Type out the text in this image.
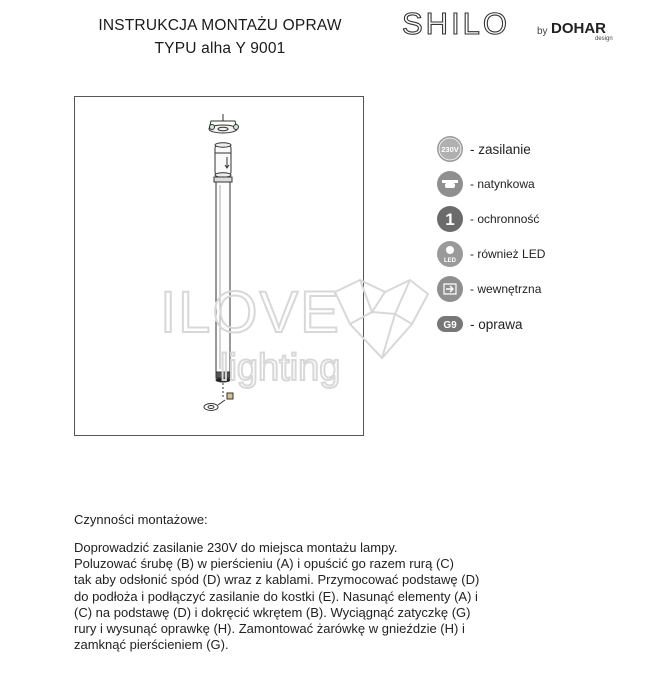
INSTRUKCJA MONTAŻU OPRAW
TYPU alha Y 9001
SHILO	by DOHAR
design
ILOVE
lighting
230V - zasilanie
- natynkowa
1 - ochronność
LED - również LED
- wewnętrzna
G9 - oprawa
Czynności montażowe:
Doprowadzić zasilanie 230V do miejsca montażu lampy.
Poluzować śrubę (B) w pierścieniu (A) i opuścić go razem rurą (C)
tak aby odsłonić spód (D) wraz z kablami. Przymocować podstawę (D)
do podłoża i podłączyć zasilanie do kostki (E). Nasunąć elementy (A) i
(C) na podstawę (D) i dokręcić wkrętem (B). Wyciągnąć zatyczkę (G)
rury i wysunąć oprawkę (H). Zamontować żarówkę w gnieździe (H) i
zamknąć pierścieniem (G).
